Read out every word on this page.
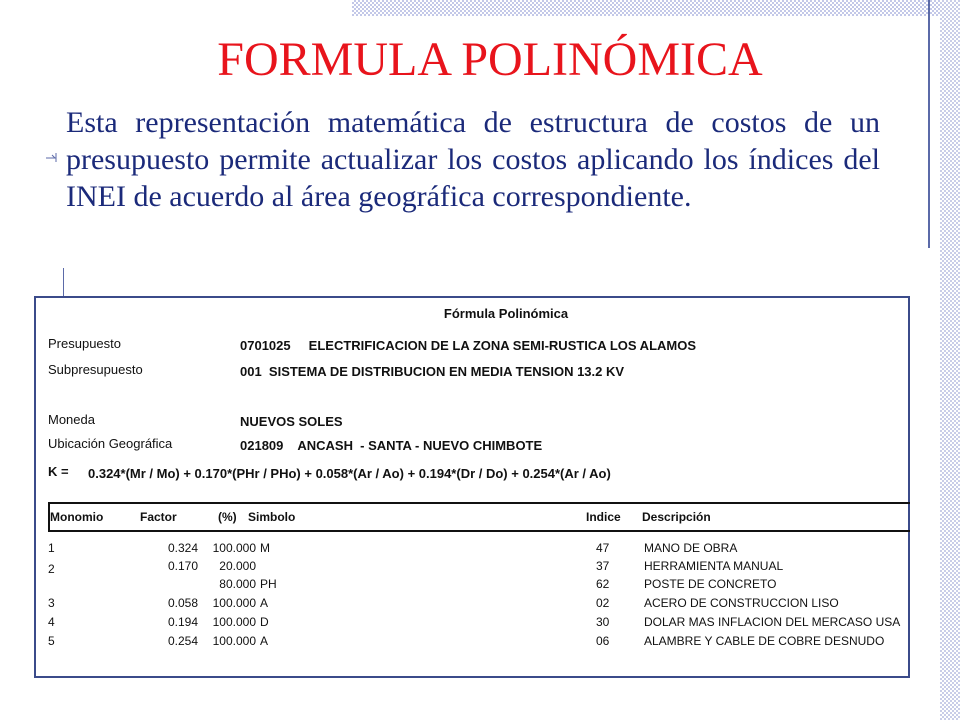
FORMULA POLINÓMICA
Esta representación matemática de estructura de costos de un presupuesto permite actualizar los costos aplicando los índices del INEI de acuerdo al área geográfica correspondiente.
Fórmula Polinómica
Presupuesto	0701025     ELECTRIFICACION DE LA ZONA SEMI-RUSTICA LOS ALAMOS
Subpresupuesto	001  SISTEMA DE DISTRIBUCION EN MEDIA TENSION 13.2 KV
Moneda	NUEVOS SOLES
Ubicación Geográfica	021809    ANCASH  - SANTA - NUEVO CHIMBOTE
K = 0.324*(Mr / Mo) + 0.170*(PHr / PHo) + 0.058*(Ar / Ao) + 0.194*(Dr / Do) + 0.254*(Ar / Ao)
Monomio	Factor	(%) Simbolo	Indice Descripción
1	0.324	100.000 M	47	MANO DE OBRA
2	0.170	20.000	37	HERRAMIENTA MANUAL
80.000 PH	62	POSTE DE CONCRETO
3	0.058	100.000 A	02	ACERO DE CONSTRUCCION LISO
4	0.194	100.000 D	30	DOLAR MAS INFLACION DEL MERCASO USA
5	0.254	100.000 A	06	ALAMBRE Y CABLE DE COBRE DESNUDO
